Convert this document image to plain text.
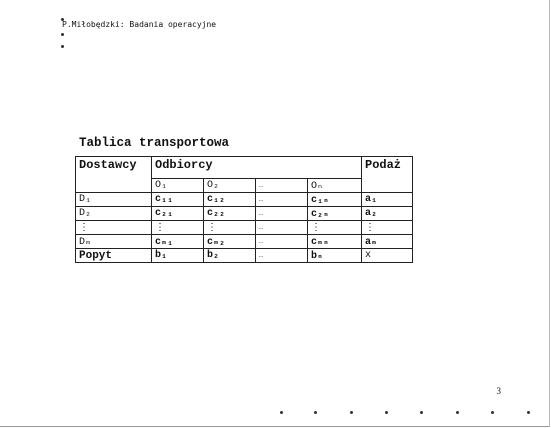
P.Miłobędzki: Badania operacyjne
Tablica transportowa
Dostawcy	Odbiorcy				Podaż
	O₁	O₂	…	Oₙ	
D₁	c₁₁	c₁₂	…	c₁ₙ	a₁
D₂	c₂₁	c₂₂	…	c₂ₙ	a₂
⋮	⋮	⋮	…	⋮	⋮
Dₘ	cₘ₁	cₘ₂	…	cₘₙ	aₘ
Popyt	b₁	b₂	…	bₙ	x
3
